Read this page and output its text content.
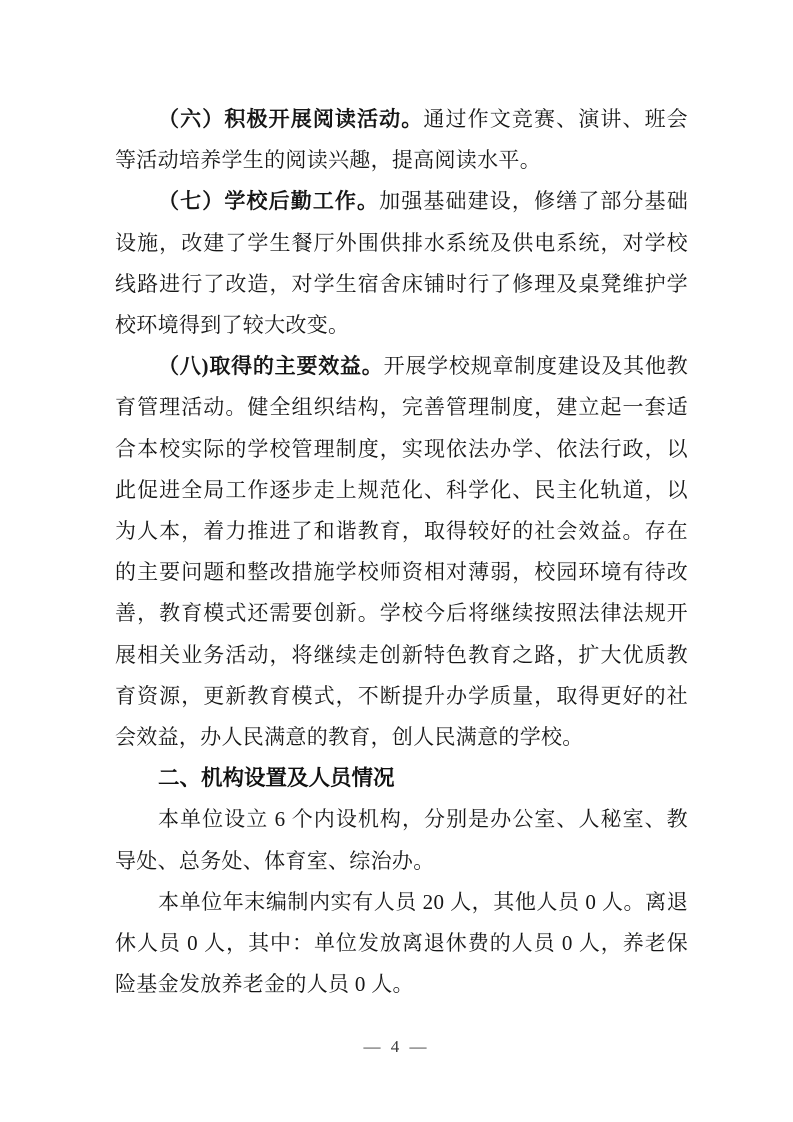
（六）积极开展阅读活动。通过作文竞赛、演讲、班会等活动培养学生的阅读兴趣，提高阅读水平。

（七）学校后勤工作。加强基础建设，修缮了部分基础设施，改建了学生餐厅外围供排水系统及供电系统，对学校线路进行了改造，对学生宿舍床铺时行了修理及桌凳维护学校环境得到了较大改变。

（八)取得的主要效益。开展学校规章制度建设及其他教育管理活动。健全组织结构，完善管理制度，建立起一套适合本校实际的学校管理制度，实现依法办学、依法行政，以此促进全局工作逐步走上规范化、科学化、民主化轨道，以为人本，着力推进了和谐教育，取得较好的社会效益。存在的主要问题和整改措施学校师资相对薄弱，校园环境有待改善，教育模式还需要创新。学校今后将继续按照法律法规开展相关业务活动，将继续走创新特色教育之路，扩大优质教育资源，更新教育模式，不断提升办学质量，取得更好的社会效益，办人民满意的教育，创人民满意的学校。

二、机构设置及人员情况

本单位设立 6 个内设机构，分别是办公室、人秘室、教导处、总务处、体育室、综治办。

本单位年末编制内实有人员 20 人，其他人员 0 人。离退休人员 0 人，其中：单位发放离退休费的人员 0 人，养老保险基金发放养老金的人员 0 人。

— 4 —
